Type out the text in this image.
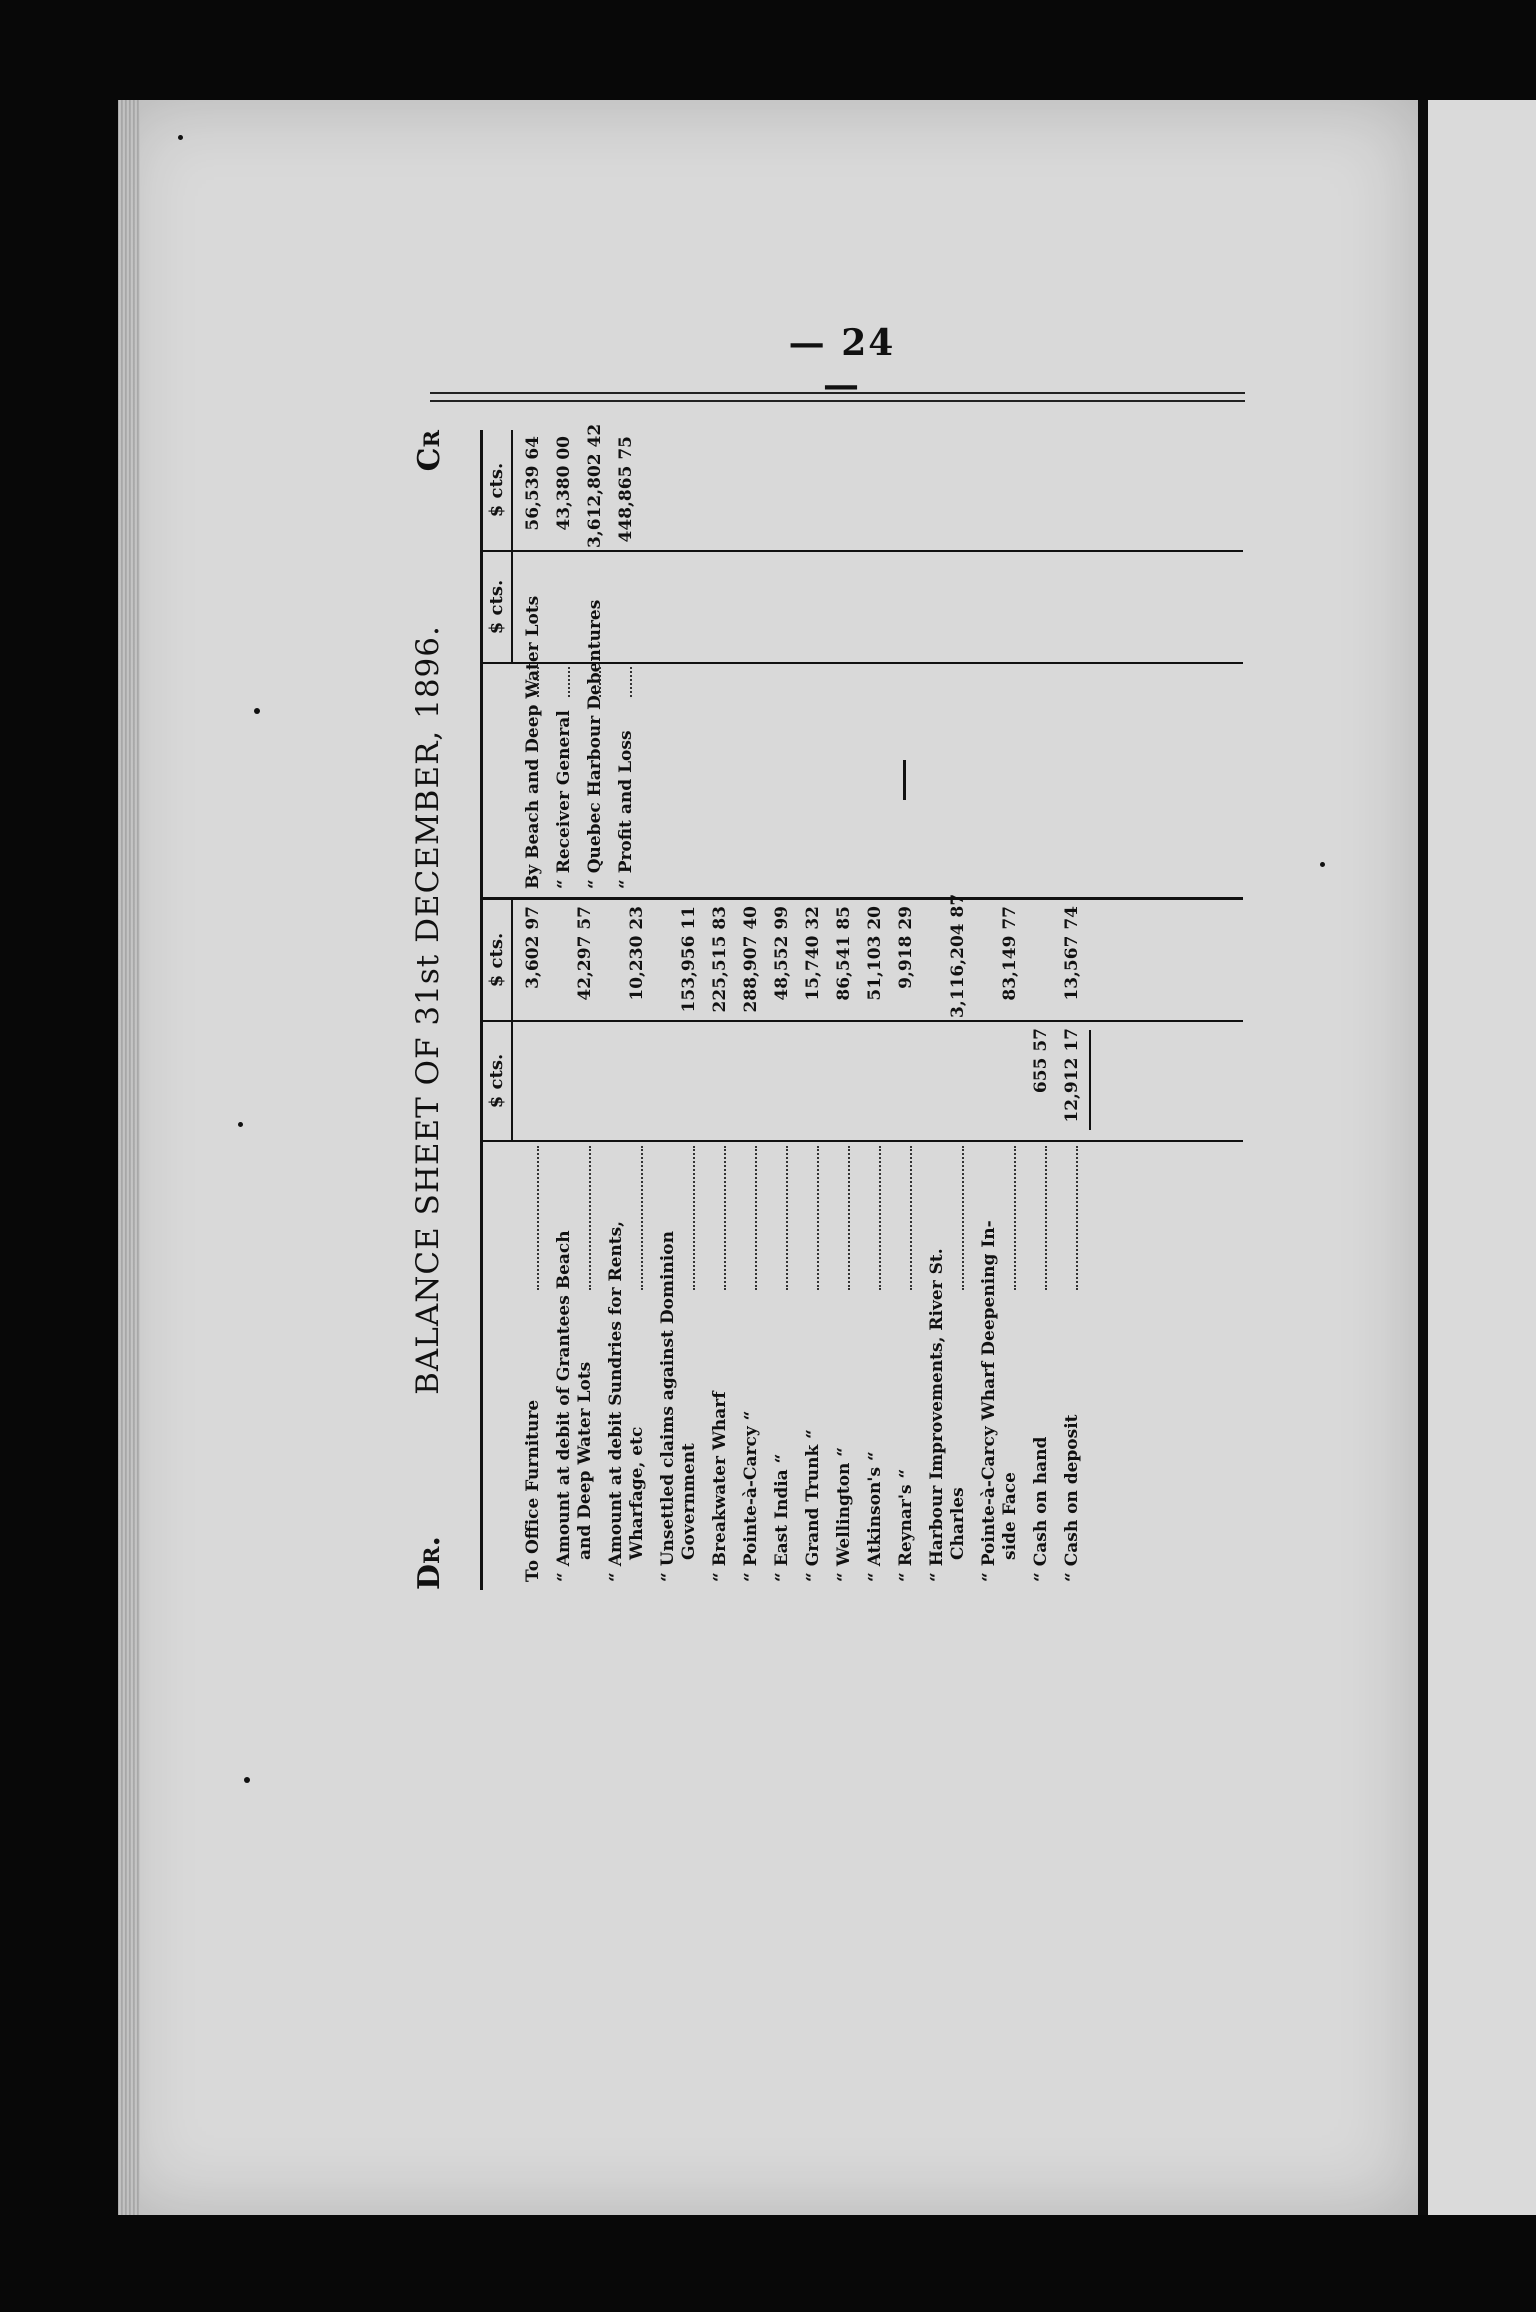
— 24 —
Dr.
BALANCE SHEET OF 31st DECEMBER, 1896.
Cr
$ cts.
$ cts.
To Office Furniture
3,602 97
“ Amount at debit of Grantees Beach and Deep Water Lots
42,297 57
“ Amount at debit Sundries for Rents, Wharfage, etc
10,230 23
“ Unsettled claims against Dominion Government
153,956 11
“ Breakwater Wharf
225,515 83
“ Pointe-à-Carcy “
288,907 40
“ East India “
48,552 99
“ Grand Trunk “
15,740 32
“ Wellington “
86,541 85
“ Atkinson's “
51,103 20
“ Reynar's “
9,918 29
“ Harbour Improvements, River St. Charles
3,116,204 87
“ Pointe-à-Carcy Wharf Deepening In- side Face
83,149 77
“ Cash on hand
655 57
“ Cash on deposit
12,912 17
13,567 74
$ cts.
$ cts.
By Beach and Deep Water Lots
56,539 64
“ Receiver General
43,380 00
“ Quebec Harbour Debentures
3,612,802 42
“ Profit and Loss
448,865 75
